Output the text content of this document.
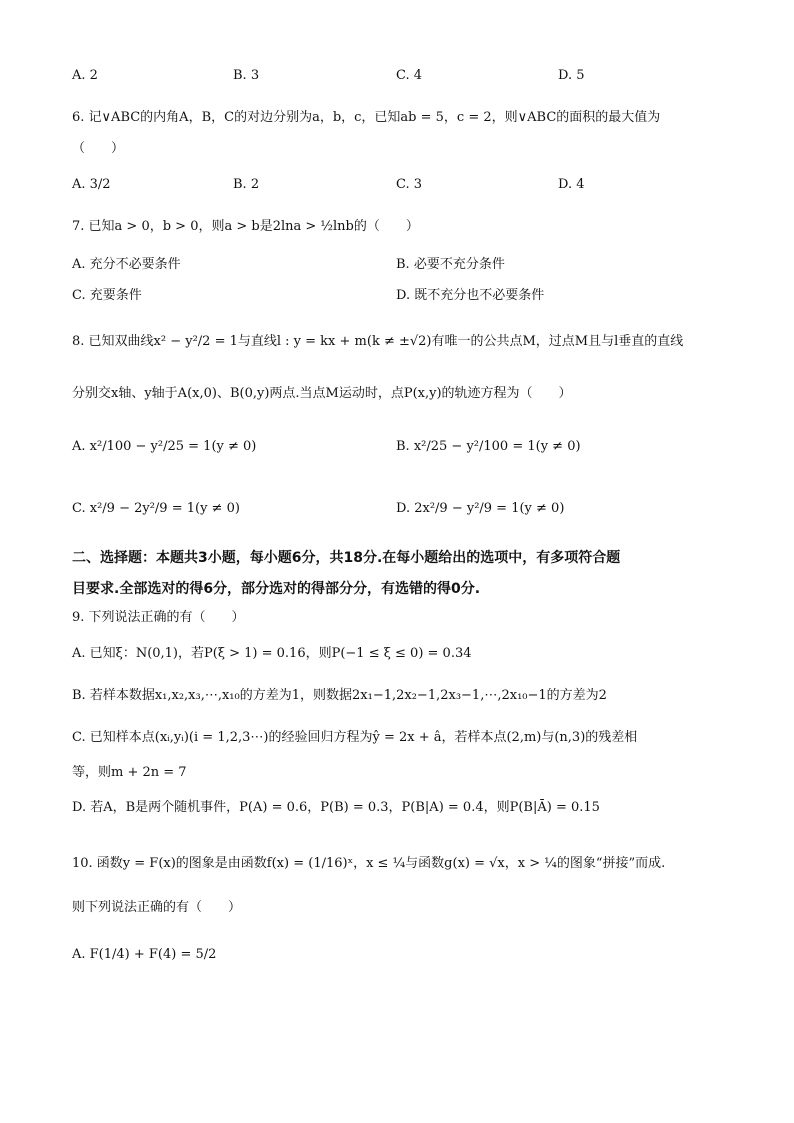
A. 2	B. 3	C. 4	D. 5
6. 记∨ABC的内角A，B，C的对边分别为a，b，c，已知ab = 5，c = 2，则∨ABC的面积的最大值为
（　　）
A. 3/2	B. 2	C. 3	D. 4
7. 已知a > 0，b > 0，则a > b是2lna > ½lnb的（　　）
A. 充分不必要条件	B. 必要不充分条件
C. 充要条件	D. 既不充分也不必要条件
8. 已知双曲线x² − y²/2 = 1与直线l : y = kx + m(k ≠ ±√2)有唯一的公共点M，过点M且与l垂直的直线
分别交x轴、y轴于A(x,0)、B(0,y)两点.当点M运动时，点P(x,y)的轨迹方程为（　　）
A. x²/100 − y²/25 = 1(y ≠ 0)	B. x²/25 − y²/100 = 1(y ≠ 0)
C. x²/9 − 2y²/9 = 1(y ≠ 0)	D. 2x²/9 − y²/9 = 1(y ≠ 0)
二、选择题：本题共3小题，每小题6分，共18分.在每小题给出的选项中，有多项符合题
目要求.全部选对的得6分，部分选对的得部分分，有选错的得0分.
9. 下列说法正确的有（　　）
A. 已知ξ：N(0,1)，若P(ξ > 1) = 0.16，则P(−1 ≤ ξ ≤ 0) = 0.34
B. 若样本数据x₁,x₂,x₃,⋯,x₁₀的方差为1，则数据2x₁−1,2x₂−1,2x₃−1,⋯,2x₁₀−1的方差为2
C. 已知样本点(xᵢ,yᵢ)(i = 1,2,3⋯)的经验回归方程为ŷ = 2x + â，若样本点(2,m)与(n,3)的残差相
等，则m + 2n = 7
D. 若A，B是两个随机事件，P(A) = 0.6，P(B) = 0.3，P(B|A) = 0.4，则P(B|Ā) = 0.15
10. 函数y = F(x)的图象是由函数f(x) = (1/16)ˣ，x ≤ ¼与函数g(x) = √x，x > ¼的图象“拼接”而成.
则下列说法正确的有（　　）
A. F(1/4) + F(4) = 5/2
